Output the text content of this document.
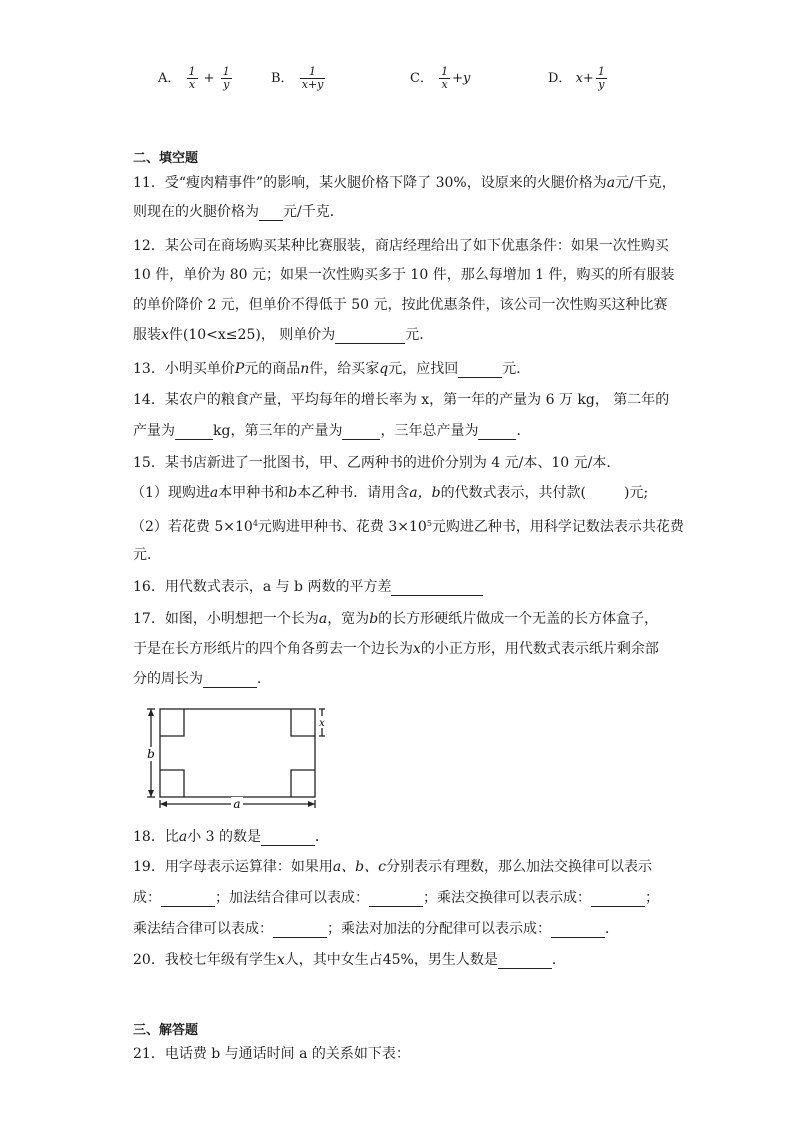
A． $\frac{1}{x} + \frac{1}{y}$	B． $\frac{1}{x+y}$	C． $\frac{1}{x} +y$	D． $x+ \frac{1}{y}$
二、填空题
11．受“瘦肉精事件”的影响，某火腿价格下降了 30%，设原来的火腿价格为a元/千克，
则现在的火腿价格为 元/千克．
12．某公司在商场购买某种比赛服装，商店经理给出了如下优惠条件：如果一次性购买
10 件，单价为 80 元；如果一次性购买多于 10 件，那么每增加 1 件，购买的所有服装
的单价降价 2 元，但单价不得低于 50 元，按此优惠条件，该公司一次性购买这种比赛
服装x件(10<x≤25)， 则单价为	元.
13．小明买单价P元的商品n件，给买家q元，应找回	元．
14．某农户的粮食产量，平均每年的增长率为 x，第一年的产量为 6 万 kg， 第二年的
产量为	kg，第三年的产量为	，三年总产量为	．
15．某书店新进了一批图书，甲、乙两种书的进价分别为 4 元/本、10 元/本．
（1）现购进a本甲种书和b本乙种书．请用含a，b的代数式表示，共付款(	)元;
（2）若花费 $5\times 10^4$元购进甲种书、花费 $3\times 10^5$元购进乙种书，用科学记数法表示共花费
元．
16．用代数式表示，a 与 b 两数的平方差
17．如图，小明想把一个长为a，宽为b的长方形硬纸片做成一个无盖的长方体盒子，
于是在长方形纸片的四个角各剪去一个边长为x的小正方形，用代数式表示纸片剩余部
分的周长为	．
b
a
x
18．比a小 3 的数是	．
19．用字母表示运算律：如果用a、b、c分别表示有理数，那么加法交换律可以表示
成：	；加法结合律可以表成：	；乘法交换律可以表示成：	；
乘法结合律可以表成：	；乘法对加法的分配律可以表示成：	．
20．我校七年级有学生x人，其中女生占45%，男生人数是	．
三、解答题
21．电话费 b 与通话时间 a 的关系如下表：
